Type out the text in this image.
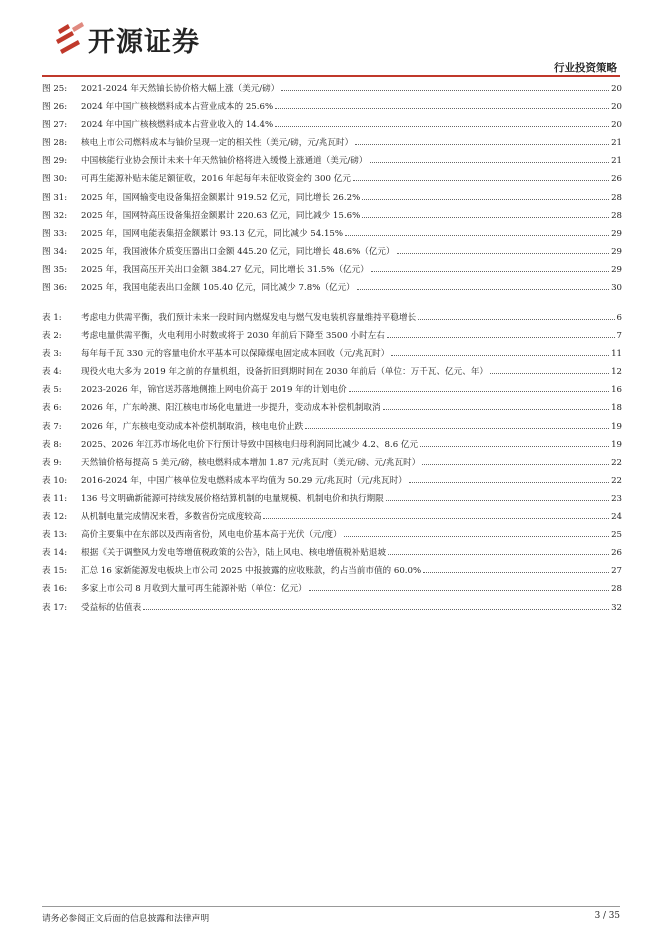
开源证券
行业投资策略
图 25:	2021-2024 年天然铀长协价格大幅上涨（美元/磅）	20
图 26:	2024 年中国广核核燃料成本占营业成本的 25.6%	20
图 27:	2024 年中国广核核燃料成本占营业收入的 14.4%	20
图 28:	核电上市公司燃料成本与铀价呈现一定的相关性（美元/磅，元/兆瓦时）	21
图 29:	中国核能行业协会预计未来十年天然铀价格将进入缓慢上涨通道（美元/磅）	21
图 30:	可再生能源补贴未能足额征收，2016 年起每年未征收资金约 300 亿元	26
图 31:	2025 年，国网输变电设备集招金额累计 919.52 亿元，同比增长 26.2%	28
图 32:	2025 年，国网特高压设备集招金额累计 220.63 亿元，同比减少 15.6%	28
图 33:	2025 年，国网电能表集招金额累计 93.13 亿元，同比减少 54.15%	29
图 34:	2025 年，我国液体介质变压器出口金额 445.20 亿元，同比增长 48.6%（亿元）	29
图 35:	2025 年，我国高压开关出口金额 384.27 亿元，同比增长 31.5%（亿元）	29
图 36:	2025 年，我国电能表出口金额 105.40 亿元，同比减少 7.8%（亿元）	30
表 1:	考虑电力供需平衡，我们预计未来一段时间内燃煤发电与燃气发电装机容量维持平稳增长	6
表 2:	考虑电量供需平衡，火电利用小时数或将于 2030 年前后下降至 3500 小时左右	7
表 3:	每年每千瓦 330 元的容量电价水平基本可以保障煤电固定成本回收（元/兆瓦时）	11
表 4:	现役火电大多为 2019 年之前的存量机组，设备折旧到期时间在 2030 年前后（单位：万千瓦、亿元、年）	12
表 5:	2023-2026 年，锦官送苏落地侧推上网电价高于 2019 年的计划电价	16
表 6:	2026 年，广东岭澳、阳江核电市场化电量进一步提升，变动成本补偿机制取消	18
表 7:	2026 年，广东核电变动成本补偿机制取消，核电电价止跌	19
表 8:	2025、2026 年江苏市场化电价下行预计导致中国核电归母利润同比减少 4.2、8.6 亿元	19
表 9:	天然铀价格每提高 5 美元/磅，核电燃料成本增加 1.87 元/兆瓦时（美元/磅、元/兆瓦时）	22
表 10:	2016-2024 年，中国广核单位发电燃料成本平均值为 50.29 元/兆瓦时（元/兆瓦时）	22
表 11:	136 号文明确新能源可持续发展价格结算机制的电量规模、机制电价和执行期限	23
表 12:	从机制电量完成情况来看，多数省份完成度较高	24
表 13:	高价主要集中在东部以及西南省份，风电电价基本高于光伏（元/度）	25
表 14:	根据《关于调整风力发电等增值税政策的公告》，陆上风电、核电增值税补贴退坡	26
表 15:	汇总 16 家新能源发电板块上市公司 2025 中报披露的应收账款，约占当前市值的 60.0%	27
表 16:	多家上市公司 8 月收到大量可再生能源补贴（单位：亿元）	28
表 17:	受益标的估值表	32
请务必参阅正文后面的信息披露和法律声明	3 / 35
